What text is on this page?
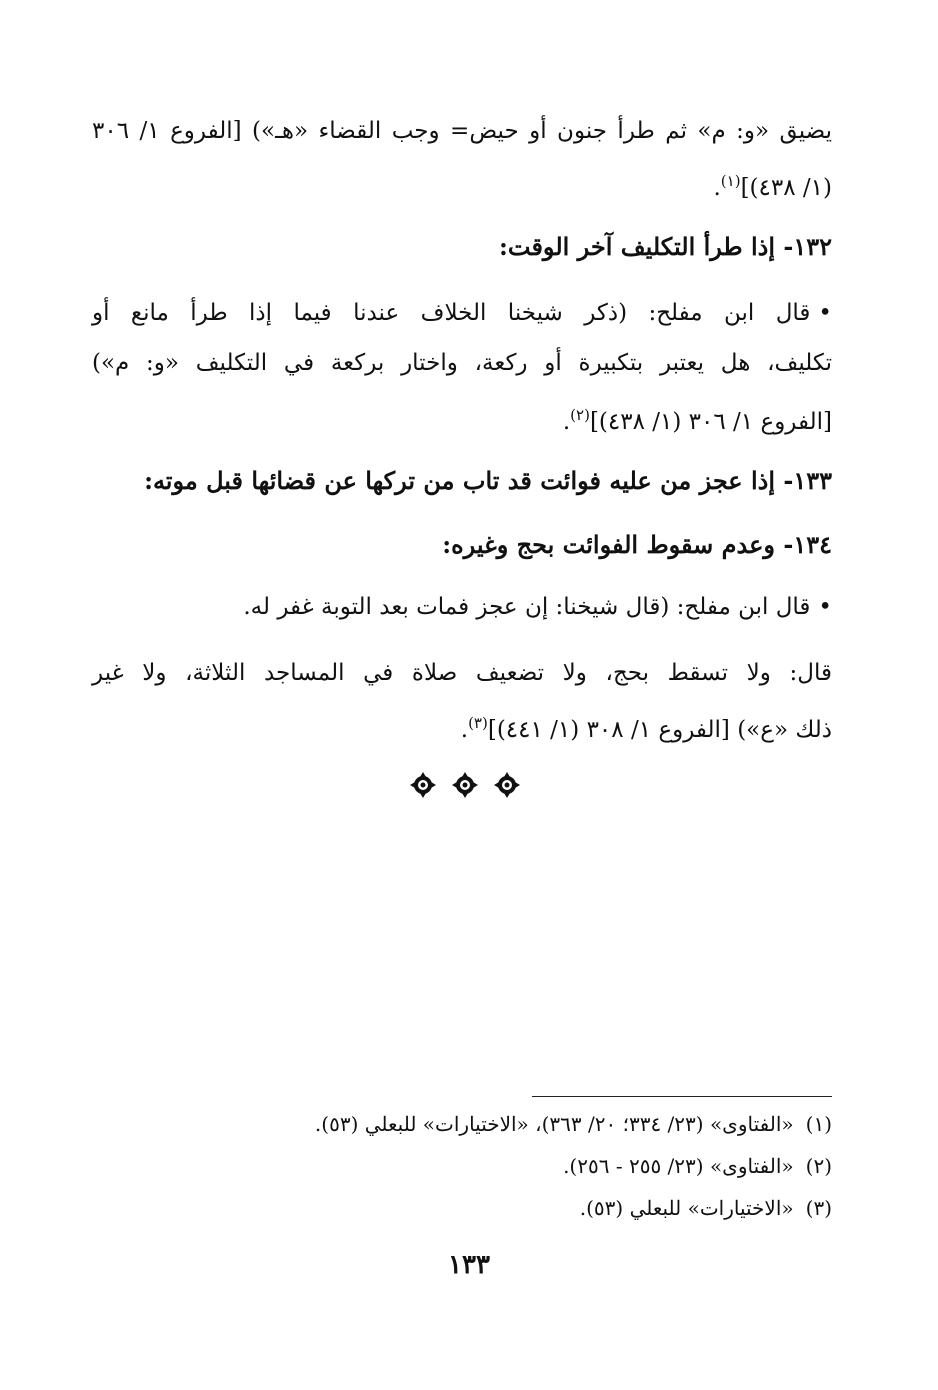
يضيق «و: م» ثم طرأ جنون أو حيض= وجب القضاء «هـ») [الفروع ١/ ٣٠٦
(١/ ٤٣٨)]$^{(١)}$.
١٣٢- إذا طرأ التكليف آخر الوقت:
•قال ابن مفلح: (ذكر شيخنا الخلاف عندنا فيما إذا طرأ مانع أو
تكليف، هل يعتبر بتكبيرة أو ركعة، واختار بركعة في التكليف «و: م»)
[الفروع ١/ ٣٠٦ (١/ ٤٣٨)]$^{(٢)}$.
١٣٣- إذا عجز من عليه فوائت قد تاب من تركها عن قضائها قبل موته:
١٣٤- وعدم سقوط الفوائت بحج وغيره:
•قال ابن مفلح: (قال شيخنا: إن عجز فمات بعد التوبة غفر له.
قال: ولا تسقط بحج، ولا تضعيف صلاة في المساجد الثلاثة، ولا غير
ذلك «ع») [الفروع ١/ ٣٠٨ (١/ ٤٤١)]$^{(٣)}$.
(١)«الفتاوى» (٢٣/ ٣٣٤؛ ٢٠/ ٣٦٣)، «الاختيارات» للبعلي (٥٣).
(٢)«الفتاوى» (٢٣/ ٢٥٥ - ٢٥٦).
(٣)«الاختيارات» للبعلي (٥٣).
١٣٣
